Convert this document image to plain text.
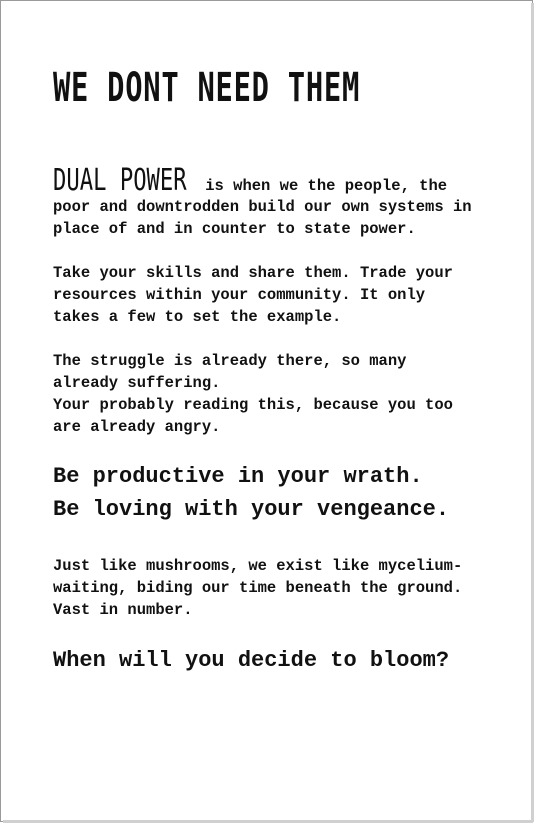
WE DONT NEED THEM
DUAL POWER is when we the people, the

poor and downtrodden build our own systems in
place of and in counter to state power.

Take your skills and share them. Trade your
resources within your community. It only
takes a few to set the example.

The struggle is already there, so many
already suffering.
Your probably reading this, because you too
are already angry.

Be productive in your wrath.

Be loving with your vengeance.

Just like mushrooms, we exist like mycelium-
waiting, biding our time beneath the ground.
Vast in number.

When will you decide to bloom?
